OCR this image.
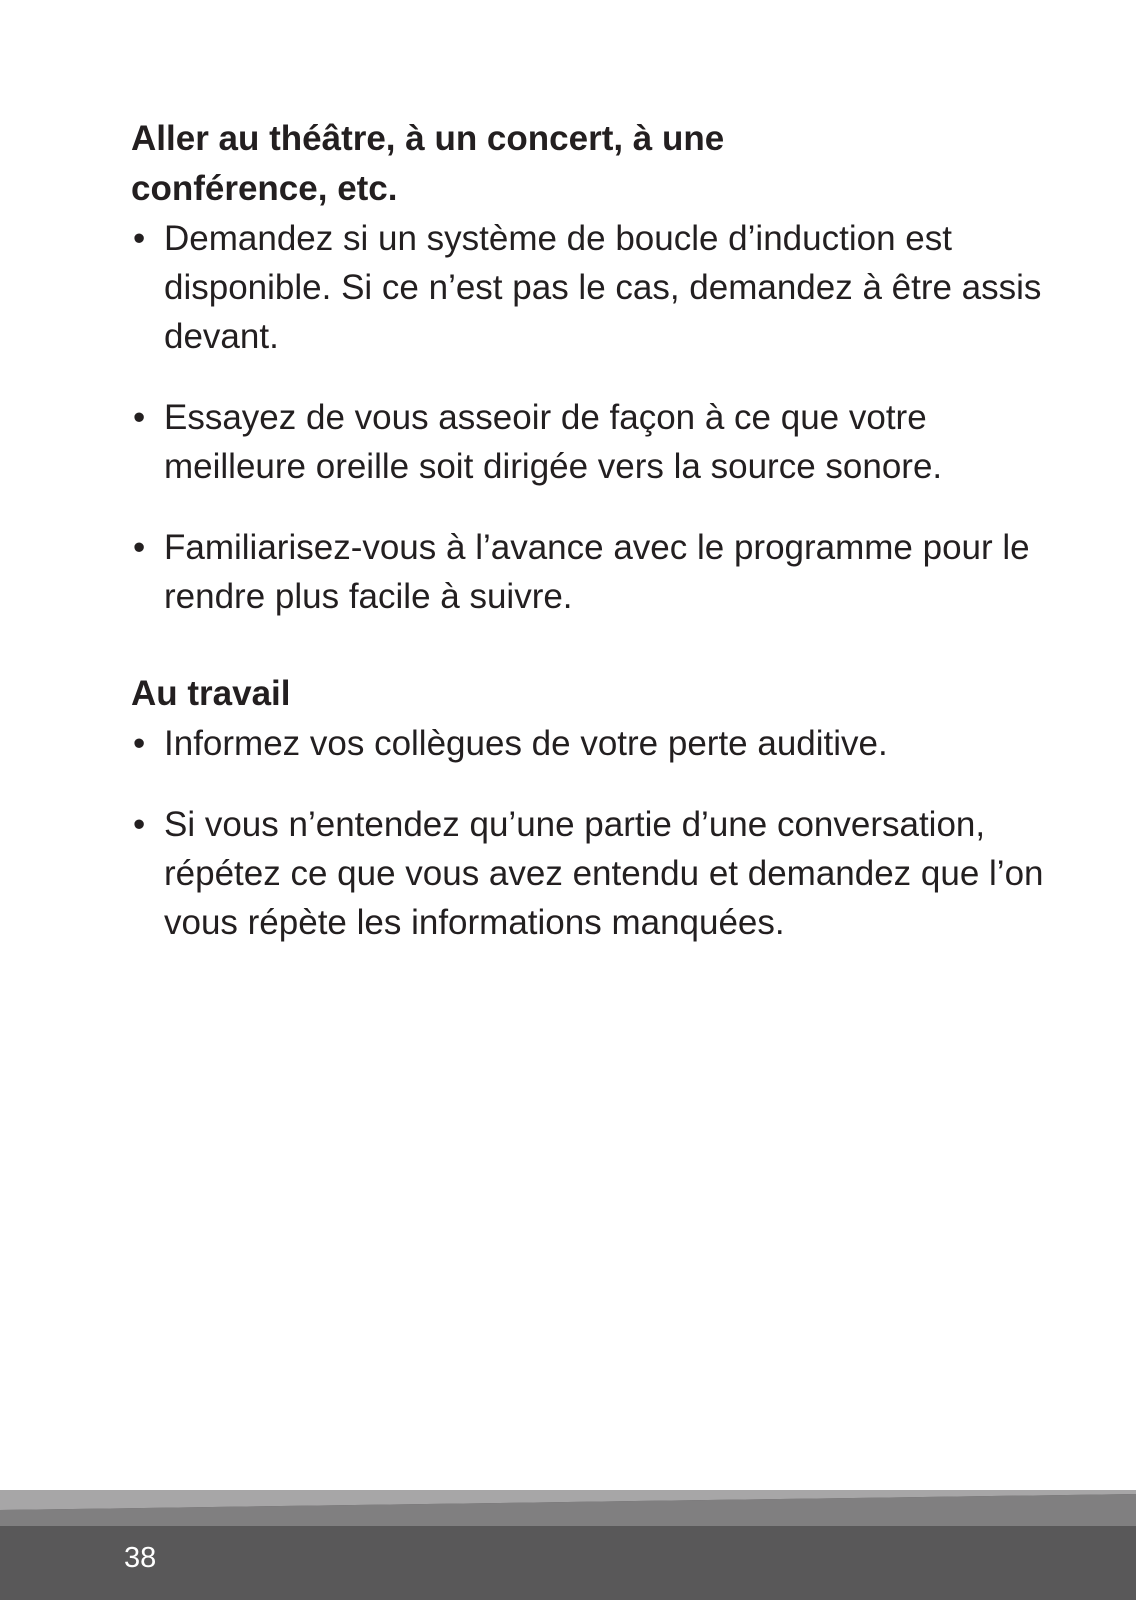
Aller au théâtre, à un concert, à une
conférence, etc.
• Demandez si un système de boucle d’induction est disponible. Si ce n’est pas le cas, demandez à être assis devant.
• Essayez de vous asseoir de façon à ce que votre meilleure oreille soit dirigée vers la source sonore.
• Familiarisez-vous à l’avance avec le programme pour le rendre plus facile à suivre.
Au travail
• Informez vos collègues de votre perte auditive.
• Si vous n’entendez qu’une partie d’une conversation, répétez ce que vous avez entendu et demandez que l’on vous répète les informations manquées.
38
